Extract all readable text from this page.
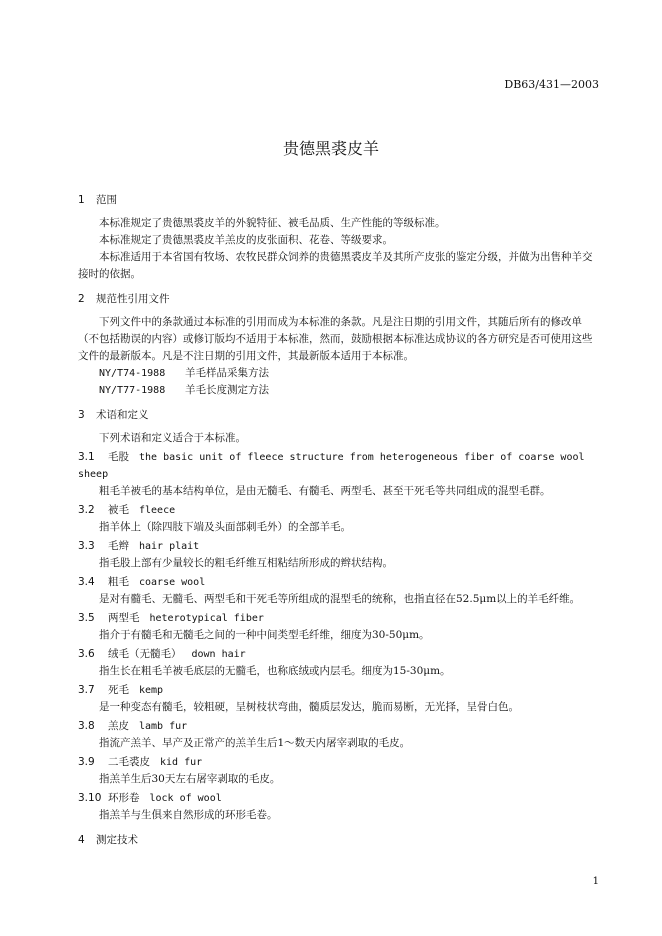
DB63/431—2003
贵德黑裘皮羊
1 范围

本标准规定了贵德黑裘皮羊的外貌特征、被毛品质、生产性能的等级标准。

本标准规定了贵德黑裘皮羊羔皮的皮张面积、花卷、等级要求。

本标准适用于本省国有牧场、农牧民群众饲养的贵德黑裘皮羊及其所产皮张的鉴定分级，并做为出售种羊交接时的依据。

2 规范性引用文件

下列文件中的条款通过本标准的引用而成为本标准的条款。凡是注日期的引用文件，其随后所有的修改单（不包括勘误的内容）或修订版均不适用于本标准，然而，鼓励根据本标准达成协议的各方研究是否可使用这些文件的最新版本。凡是不注日期的引用文件，其最新版本适用于本标准。

NY/T74-1988 羊毛样品采集方法
NY/T77-1988 羊毛长度测定方法
3 术语和定义

下列术语和定义适合于本标准。

3.1 毛股 the basic unit of fleece structure from heterogeneous fiber of coarse wool sheep

粗毛羊被毛的基本结构单位，是由无髓毛、有髓毛、两型毛、甚至干死毛等共同组成的混型毛群。

3.2 被毛 fleece

指羊体上（除四肢下端及头面部刺毛外）的全部羊毛。

3.3 毛辫 hair plait

指毛股上部有少量较长的粗毛纤维互相粘结所形成的辫状结构。

3.4 粗毛 coarse wool

是对有髓毛、无髓毛、两型毛和干死毛等所组成的混型毛的统称，也指直径在52.5μm以上的羊毛纤维。

3.5 两型毛 heterotypical fiber

指介于有髓毛和无髓毛之间的一种中间类型毛纤维，细度为30-50μm。

3.6 绒毛（无髓毛） down hair

指生长在粗毛羊被毛底层的无髓毛，也称底绒或内层毛。细度为15-30μm。

3.7 死毛 kemp

是一种变态有髓毛，较粗硬，呈树枝状弯曲，髓质层发达，脆而易断，无光择，呈骨白色。

3.8 羔皮 lamb fur

指流产羔羊、早产及正常产的羔羊生后1～数天内屠宰剥取的毛皮。

3.9 二毛裘皮 kid fur

指羔羊生后30天左右屠宰剥取的毛皮。

3.10 环形卷 lock of wool

指羔羊与生俱来自然形成的环形毛卷。

4 测定技术
1
